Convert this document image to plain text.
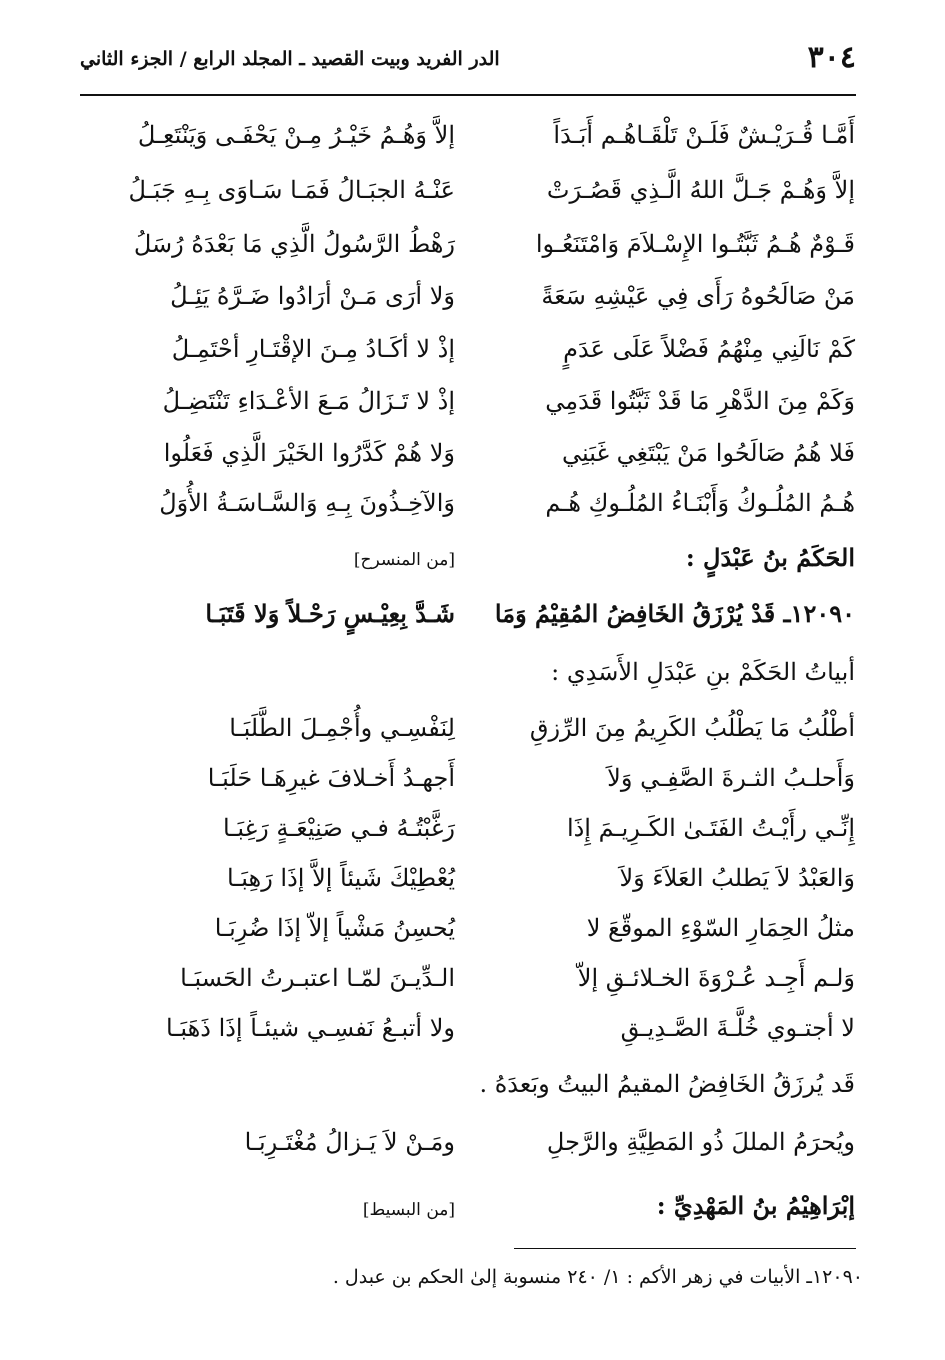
٣٠٤
الدر الفريد وبيت القصيد ـ المجلد الرابع / الجزء الثاني
أَمَّـا قُـرَيْـشٌ فَلَـنْ تَلْقَـاهُـم أَبَـدَاً
إلاَّ وَهُـمُ خَيْـرُ مِـنْ يَحْفَـى وَيَنْتَعِـلُ
إلاَّ وَهُـمْ جَـلَّ اللهُ الَّـذِي قَصُـرَتْ
عَنْـهُ الجبَـالُ فَمَـا سَـاوَى بِـهِ جَبَـلُ
قَـوْمٌ هُـمُ ثَبَّتُـوا الإِسْـلاَمَ وَامْتَنَعُـوا
رَهْطُ الرَّسُولُ الَّذِي مَا بَعْدَهُ رُسَلُ
مَنْ صَالَحُوهُ رَأَى فِي عَيْشِهِ سَعَةً
وَلا أرَى مَـنْ أرَادُوا ضَـرَّهُ يَئِـلُ
كَمْ نَالَنِي مِنْهُمُ فَضْلاً عَلَى عَدَمٍ
إذْ لا أكَـادُ مِـنَ الإقْتَـارِ أحْتَمِـلُ
وَكَمْ مِنَ الدَّهْرِ مَا قَدْ ثَبَّتُوا قَدَمِي
إذْ لا تَـزَالُ مَـعَ الأعْـدَاءِ تَنْتَضِـلُ
فَلا هُمُ صَالَحُوا مَنْ يَبْتَغِي غَبَنِي
وَلا هُمْ كَدَّرُوا الخَيْرَ الَّذِي فَعَلُوا
هُـمُ المُلُـوكُ وَأَبْنَـاءُ المُلُـوكِ هُـم
وَالآخِـذُونَ بِـهِ وَالسَّـاسَـةُ الأُوَلُ
الحَكَمُ بنُ عَبْدَلٍ :
[من المنسرح]
١٢٠٩٠ـ قَدْ يُرْزَقُ الخَافِضُ المُقِيْمُ وَمَا
شَـدَّ بِعِيْـسٍ رَحْـلاً وَلا قَتَبَـا
أبياتُ الحَكَمْ بنِ عَبْدَلِ الأَسَدِي :
أطْلُبُ مَا يَطْلُبُ الكَرِيمُ مِنَ الرِّزقِ
لِنَفْسِـي وأُجْمِـلَ الطَّلَبَـا
وَأَحلـبُ الثـرةَ الصَّفِـي وَلاَ
أَجهـدُ أَخـلافَ غيرِهَـا حَلَبَـا
إِنِّـي رأَيْـتُ الفَتَـىٰ الكَـرِيـمَ إِذَا
رَغَّبْتُـهُ فـي صَنِيْعَـةٍ رَغِبَـا
وَالعَبْدُ لاَ يَطلبُ العَلاَءَ وَلاَ
يُعْطِيْكَ شَيئاً إلاَّ إذَا رَهِبَـا
مثلُ الحِمَارِ السّوْءِ الموقّعَ لا
يُحسِنُ مَشْياً إلاّ إذَا ضُرِبَـا
وَلـم أَجِـد عُـرْوَةَ الخـلائـقِ إلاّ
الـدِّيـنَ لمّـا اعتبـرتُ الحَسبَـا
لا أجتـوي خُلَّـةَ الصَّـدِيـقِ
ولا أتبـعُ نَفسِـي شيئـاً إذَا ذَهَبَـا
قَد يُرزَقُ الخَافِضُ المقيمُ البيتُ وبَعدَهُ .
ويُحرَمُ المللَ ذُو المَطِيَّةِ والرَّجلِ
ومَـنْ لاَ يَـزالُ مُغْتَـرِبَـا
إبْرَاهِيْمُ بنُ المَهْدِيِّ :
[من البسيط]
١٢٠٩٠ـ الأبيات في زهر الأكم : ١/ ٢٤٠ منسوبة إلىٰ الحكم بن عبدل .
